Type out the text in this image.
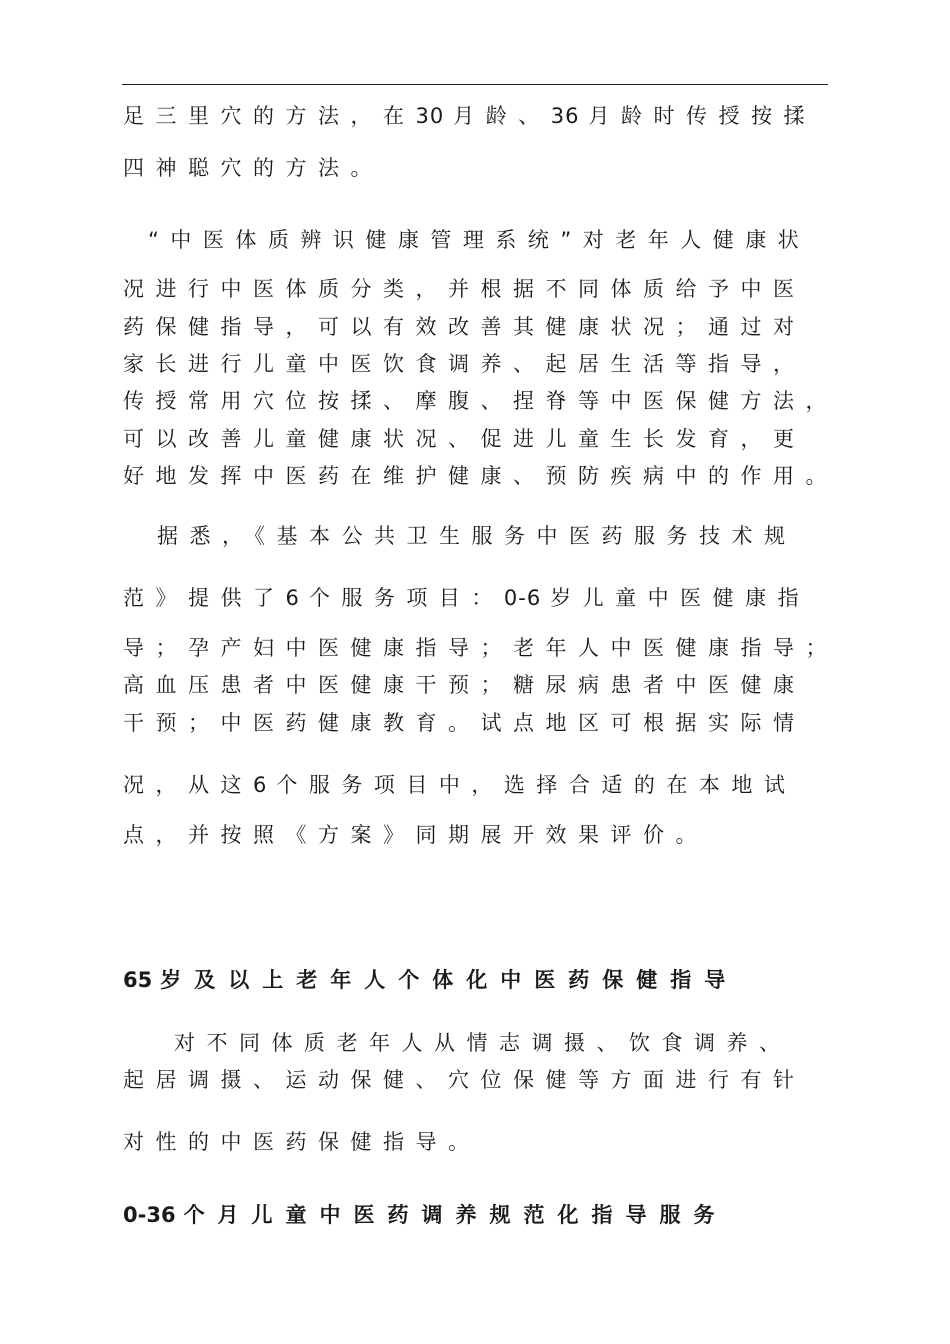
足三里穴的方法，在30 月龄、36 月龄时传授按揉
四神聪穴的方法。
“中医体质辨识健康管理系统”对老年人健康状
况进行中医体质分类，并根据不同体质给予中医
药保健指导，可以有效改善其健康状况；通过对
家长进行儿童中医饮食调养、起居生活等指导，
传授常用穴位按揉、摩腹、捏脊等中医保健方法，
可以改善儿童健康状况、促进儿童生长发育，更
好地发挥中医药在维护健康、预防疾病中的作用。
据悉，《基本公共卫生服务中医药服务技术规
范》提供了6 个服务项目：0-6 岁儿童中医健康指
导；孕产妇中医健康指导；老年人中医健康指导；
高血压患者中医健康干预；糖尿病患者中医健康
干预；中医药健康教育。试点地区可根据实际情
况，从这6 个服务项目中，选择合适的在本地试
点，并按照《方案》同期展开效果评价。
65 岁及以上老年人个体化中医药保健指导
对不同体质老年人从情志调摄、饮食调养、
起居调摄、运动保健、穴位保健等方面进行有针
对性的中医药保健指导。
0-36 个月儿童中医药调养规范化指导服务
